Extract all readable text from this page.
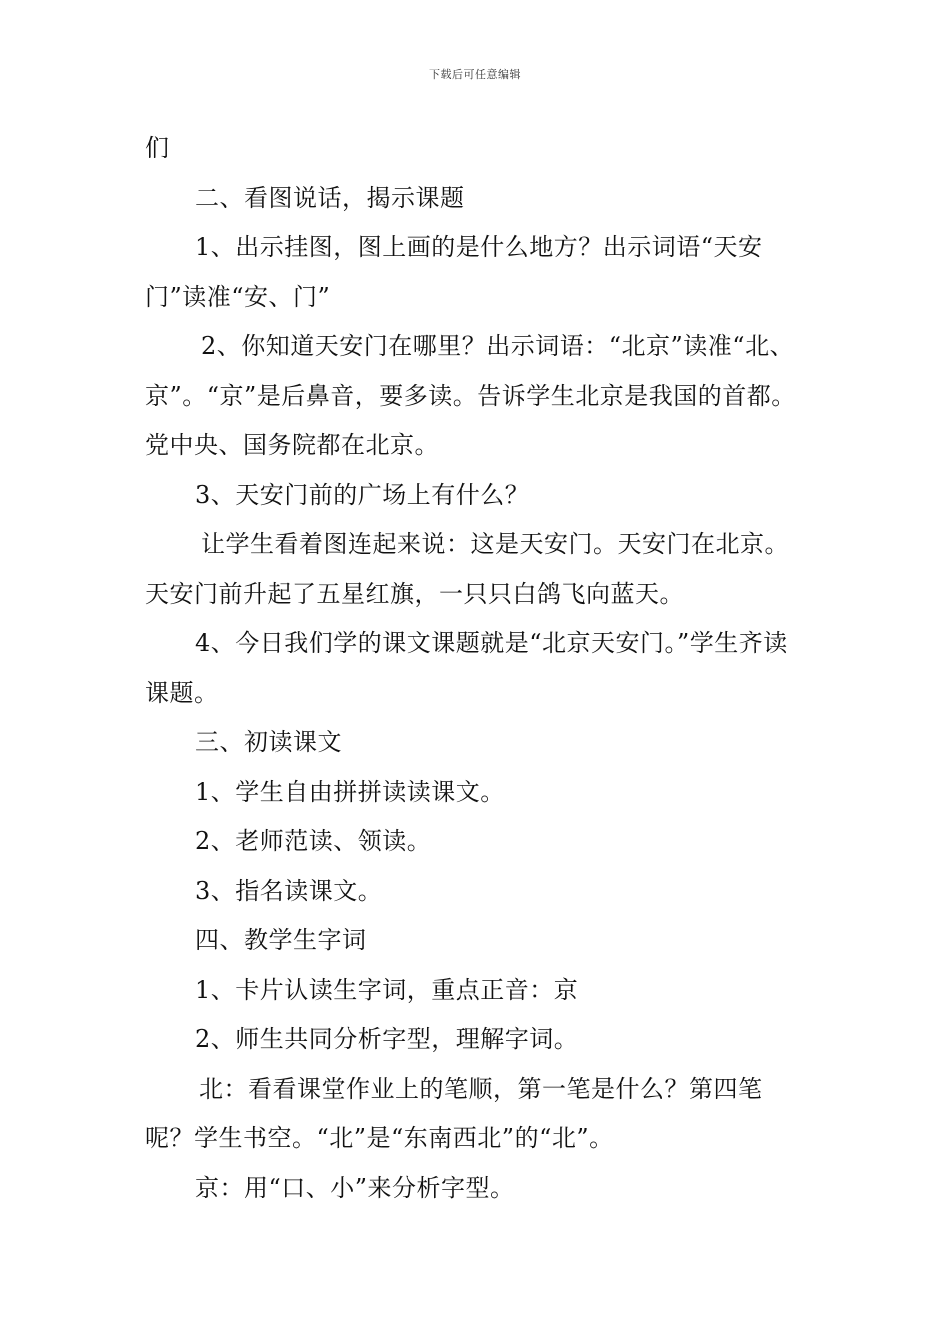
下载后可任意编辑

们

二、看图说话，揭示课题

1、出示挂图，图上画的是什么地方？出示词语“天安门”读准“安、门”

2、你知道天安门在哪里？出示词语：“北京”读准“北、京”。“京”是后鼻音，要多读。告诉学生北京是我国的首都。党中央、国务院都在北京。

3、天安门前的广场上有什么？

让学生看着图连起来说：这是天安门。天安门在北京。天安门前升起了五星红旗，一只只白鸽飞向蓝天。

4、今日我们学的课文课题就是“北京天安门。”学生齐读课题。

三、初读课文

1、学生自由拼拼读读课文。

2、老师范读、领读。

3、指名读课文。

四、教学生字词

1、卡片认读生字词，重点正音：京

2、师生共同分析字型，理解字词。

北：看看课堂作业上的笔顺，第一笔是什么？第四笔呢？学生书空。“北”是“东南西北”的“北”。

京：用“口、小”来分析字型。
